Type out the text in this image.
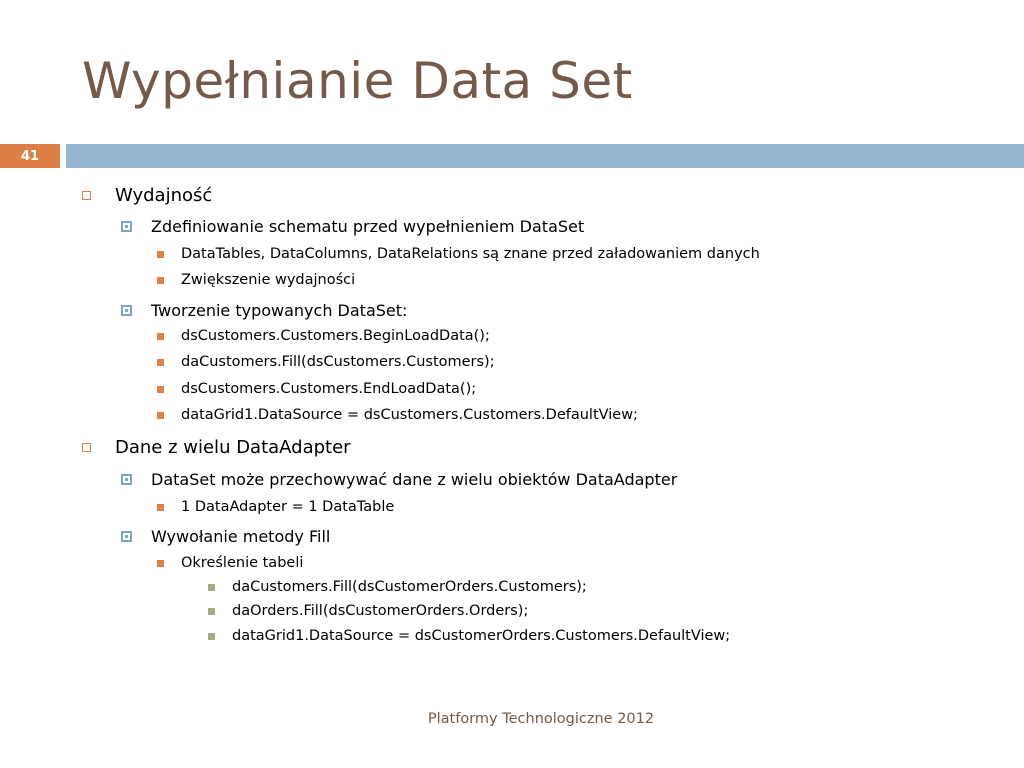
Wypełnianie Data Set
41
Wydajność
Zdefiniowanie schematu przed wypełnieniem DataSet
DataTables, DataColumns, DataRelations są znane przed załadowaniem danych
Zwiększenie wydajności
Tworzenie typowanych DataSet:
dsCustomers.Customers.BeginLoadData();
daCustomers.Fill(dsCustomers.Customers);
dsCustomers.Customers.EndLoadData();
dataGrid1.DataSource = dsCustomers.Customers.DefaultView;
Dane z wielu DataAdapter
DataSet może przechowywać dane z wielu obiektów DataAdapter
1 DataAdapter = 1 DataTable
Wywołanie metody Fill
Określenie tabeli
daCustomers.Fill(dsCustomerOrders.Customers);
daOrders.Fill(dsCustomerOrders.Orders);
dataGrid1.DataSource = dsCustomerOrders.Customers.DefaultView;
Platformy Technologiczne 2012
